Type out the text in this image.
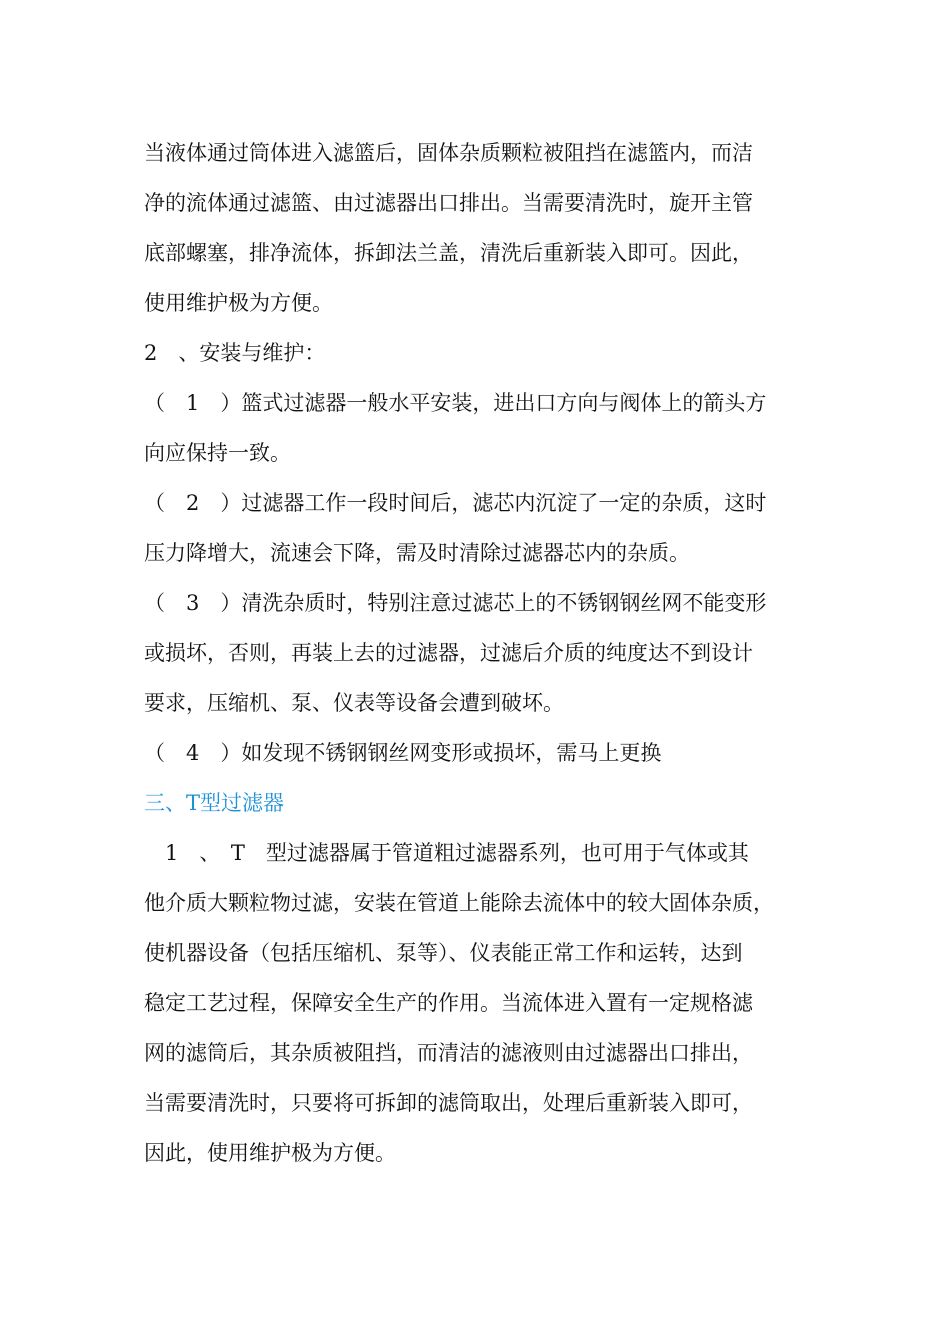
当液体通过筒体进入滤篮后，固体杂质颗粒被阻挡在滤篮内，而洁
净的流体通过滤篮、由过滤器出口排出。当需要清洗时，旋开主管
底部螺塞，排净流体，拆卸法兰盖，清洗后重新装入即可。因此，
使用维护极为方便。
2　、安装与维护：
（　1　）篮式过滤器一般水平安装，进出口方向与阀体上的箭头方
向应保持一致。
（　2　）过滤器工作一段时间后，滤芯内沉淀了一定的杂质，这时
压力降增大，流速会下降，需及时清除过滤器芯内的杂质。
（　3　）清洗杂质时，特别注意过滤芯上的不锈钢钢丝网不能变形
或损坏，否则，再装上去的过滤器，过滤后介质的纯度达不到设计
要求，压缩机、泵、仪表等设备会遭到破坏。
（　4　）如发现不锈钢钢丝网变形或损坏，需马上更换
三、T型过滤器
　1　、　T　型过滤器属于管道粗过滤器系列，也可用于气体或其
他介质大颗粒物过滤，安装在管道上能除去流体中的较大固体杂质，
使机器设备（包括压缩机、泵等）、仪表能正常工作和运转，达到
稳定工艺过程，保障安全生产的作用。当流体进入置有一定规格滤
网的滤筒后，其杂质被阻挡，而清洁的滤液则由过滤器出口排出，
当需要清洗时，只要将可拆卸的滤筒取出，处理后重新装入即可，
因此，使用维护极为方便。
